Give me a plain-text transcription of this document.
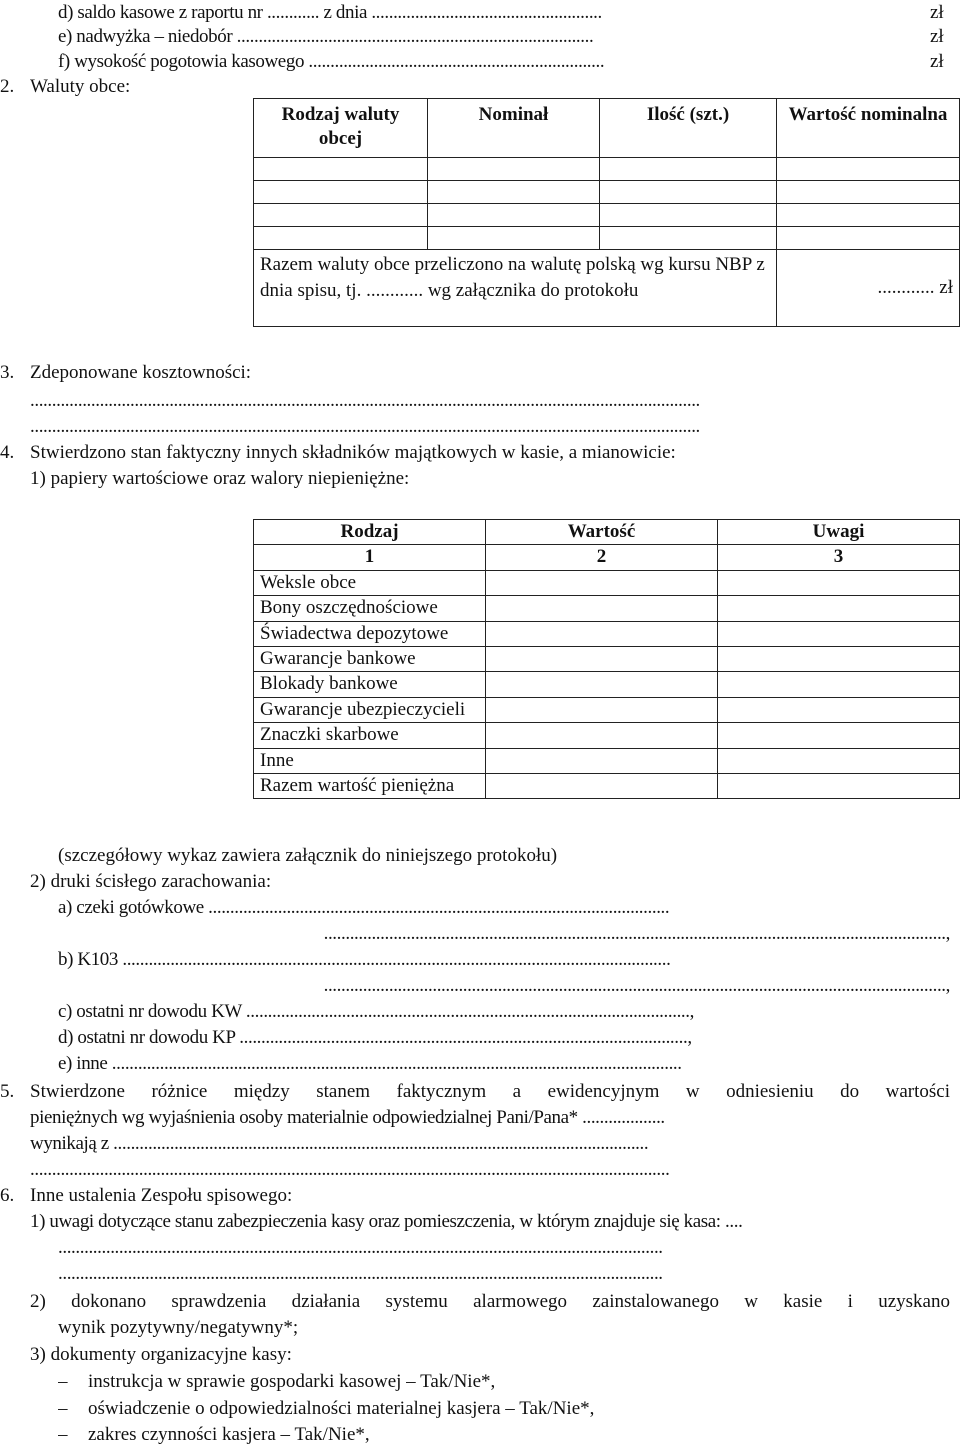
d) saldo kasowe z raportu nr ............ z dnia .....................................................	zł
e) nadwyżka – niedobór ..................................................................................	zł
f) wysokość pogotowia kasowego ....................................................................	zł
2. Waluty obce:
Rodzaj waluty obcej	Nominał	Ilość (szt.)	Wartość nominalna

Razem waluty obce przeliczono na walutę polską wg kursu NBP z dnia spisu, tj. ............ wg załącznika do protokołu			............ zł
3. Zdeponowane kosztowności:
..........................................................................................................................................................
..........................................................................................................................................................
4. Stwierdzono stan faktyczny innych składników majątkowych w kasie, a mianowicie:
1) papiery wartościowe oraz walory niepieniężne:
Rodzaj	Wartość	Uwagi
1	2	3
Weksle obce		
Bony oszczędnościowe		
Świadectwa depozytowe		
Gwarancje bankowe		
Blokady bankowe		
Gwarancje ubezpieczycieli		
Znaczki skarbowe		
Inne		
Razem wartość pieniężna		
(szczegółowy wykaz zawiera załącznik do niniejszego protokołu)
2) druki ścisłego zarachowania:
a) czeki gotówkowe ..........................................................................................................
...............................................................................................................................................,
b) K103 ..............................................................................................................................
...............................................................................................................................................,
c) ostatni nr dowodu KW ......................................................................................................,
d) ostatni nr dowodu KP .......................................................................................................,
e) inne ...................................................................................................................................
5. Stwierdzone różnice między stanem faktycznym a ewidencyjnym w odniesieniu do wartości
pieniężnych wg wyjaśnienia osoby materialnie odpowiedzialnej Pani/Pana* ...................
wynikają z ...........................................................................................................................
...................................................................................................................................................
6. Inne ustalenia Zespołu spisowego:
1) uwagi dotyczące stanu zabezpieczenia kasy oraz pomieszczenia, w którym znajduje się kasa: ....
...........................................................................................................................................
...........................................................................................................................................
2) dokonano sprawdzenia działania systemu alarmowego zainstalowanego w kasie i uzyskano
wynik pozytywny/negatywny*;
3) dokumenty organizacyjne kasy:
– instrukcja w sprawie gospodarki kasowej – Tak/Nie*,
– oświadczenie o odpowiedzialności materialnej kasjera – Tak/Nie*,
– zakres czynności kasjera – Tak/Nie*,
